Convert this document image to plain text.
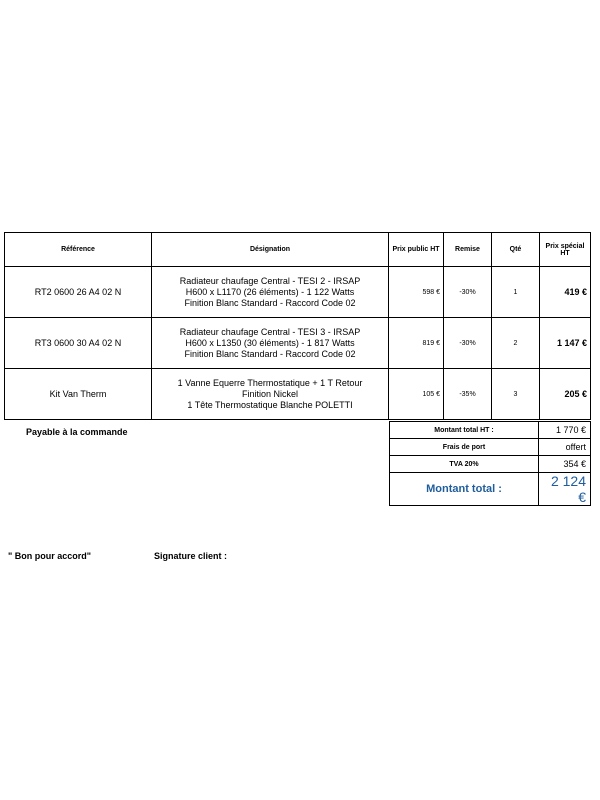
Référence	Désignation	Prix public HT	Remise	Qté	Prix spécial HT
RT2 0600 26 A4 02 N	Radiateur chaufage Central - TESI 2 - IRSAP
H600 x L1170 (26 éléments) - 1 122 Watts
Finition Blanc Standard - Raccord Code 02	598 €	-30%	1	419 €
RT3 0600 30 A4 02 N	Radiateur chaufage Central - TESI 3 - IRSAP
H600 x L1350 (30 éléments) - 1 817 Watts
Finition Blanc Standard - Raccord Code 02	819 €	-30%	2	1 147 €
Kit Van Therm	1 Vanne Equerre Thermostatique + 1 T Retour
Finition Nickel
1 Tête Thermostatique Blanche POLETTI	105 €	-35%	3	205 €
Payable à la commande	Montant total HT :	1 770 €
Frais de port	offert
TVA 20%	354 €
Montant total :	2 124 €
" Bon pour accord"	Signature client :
